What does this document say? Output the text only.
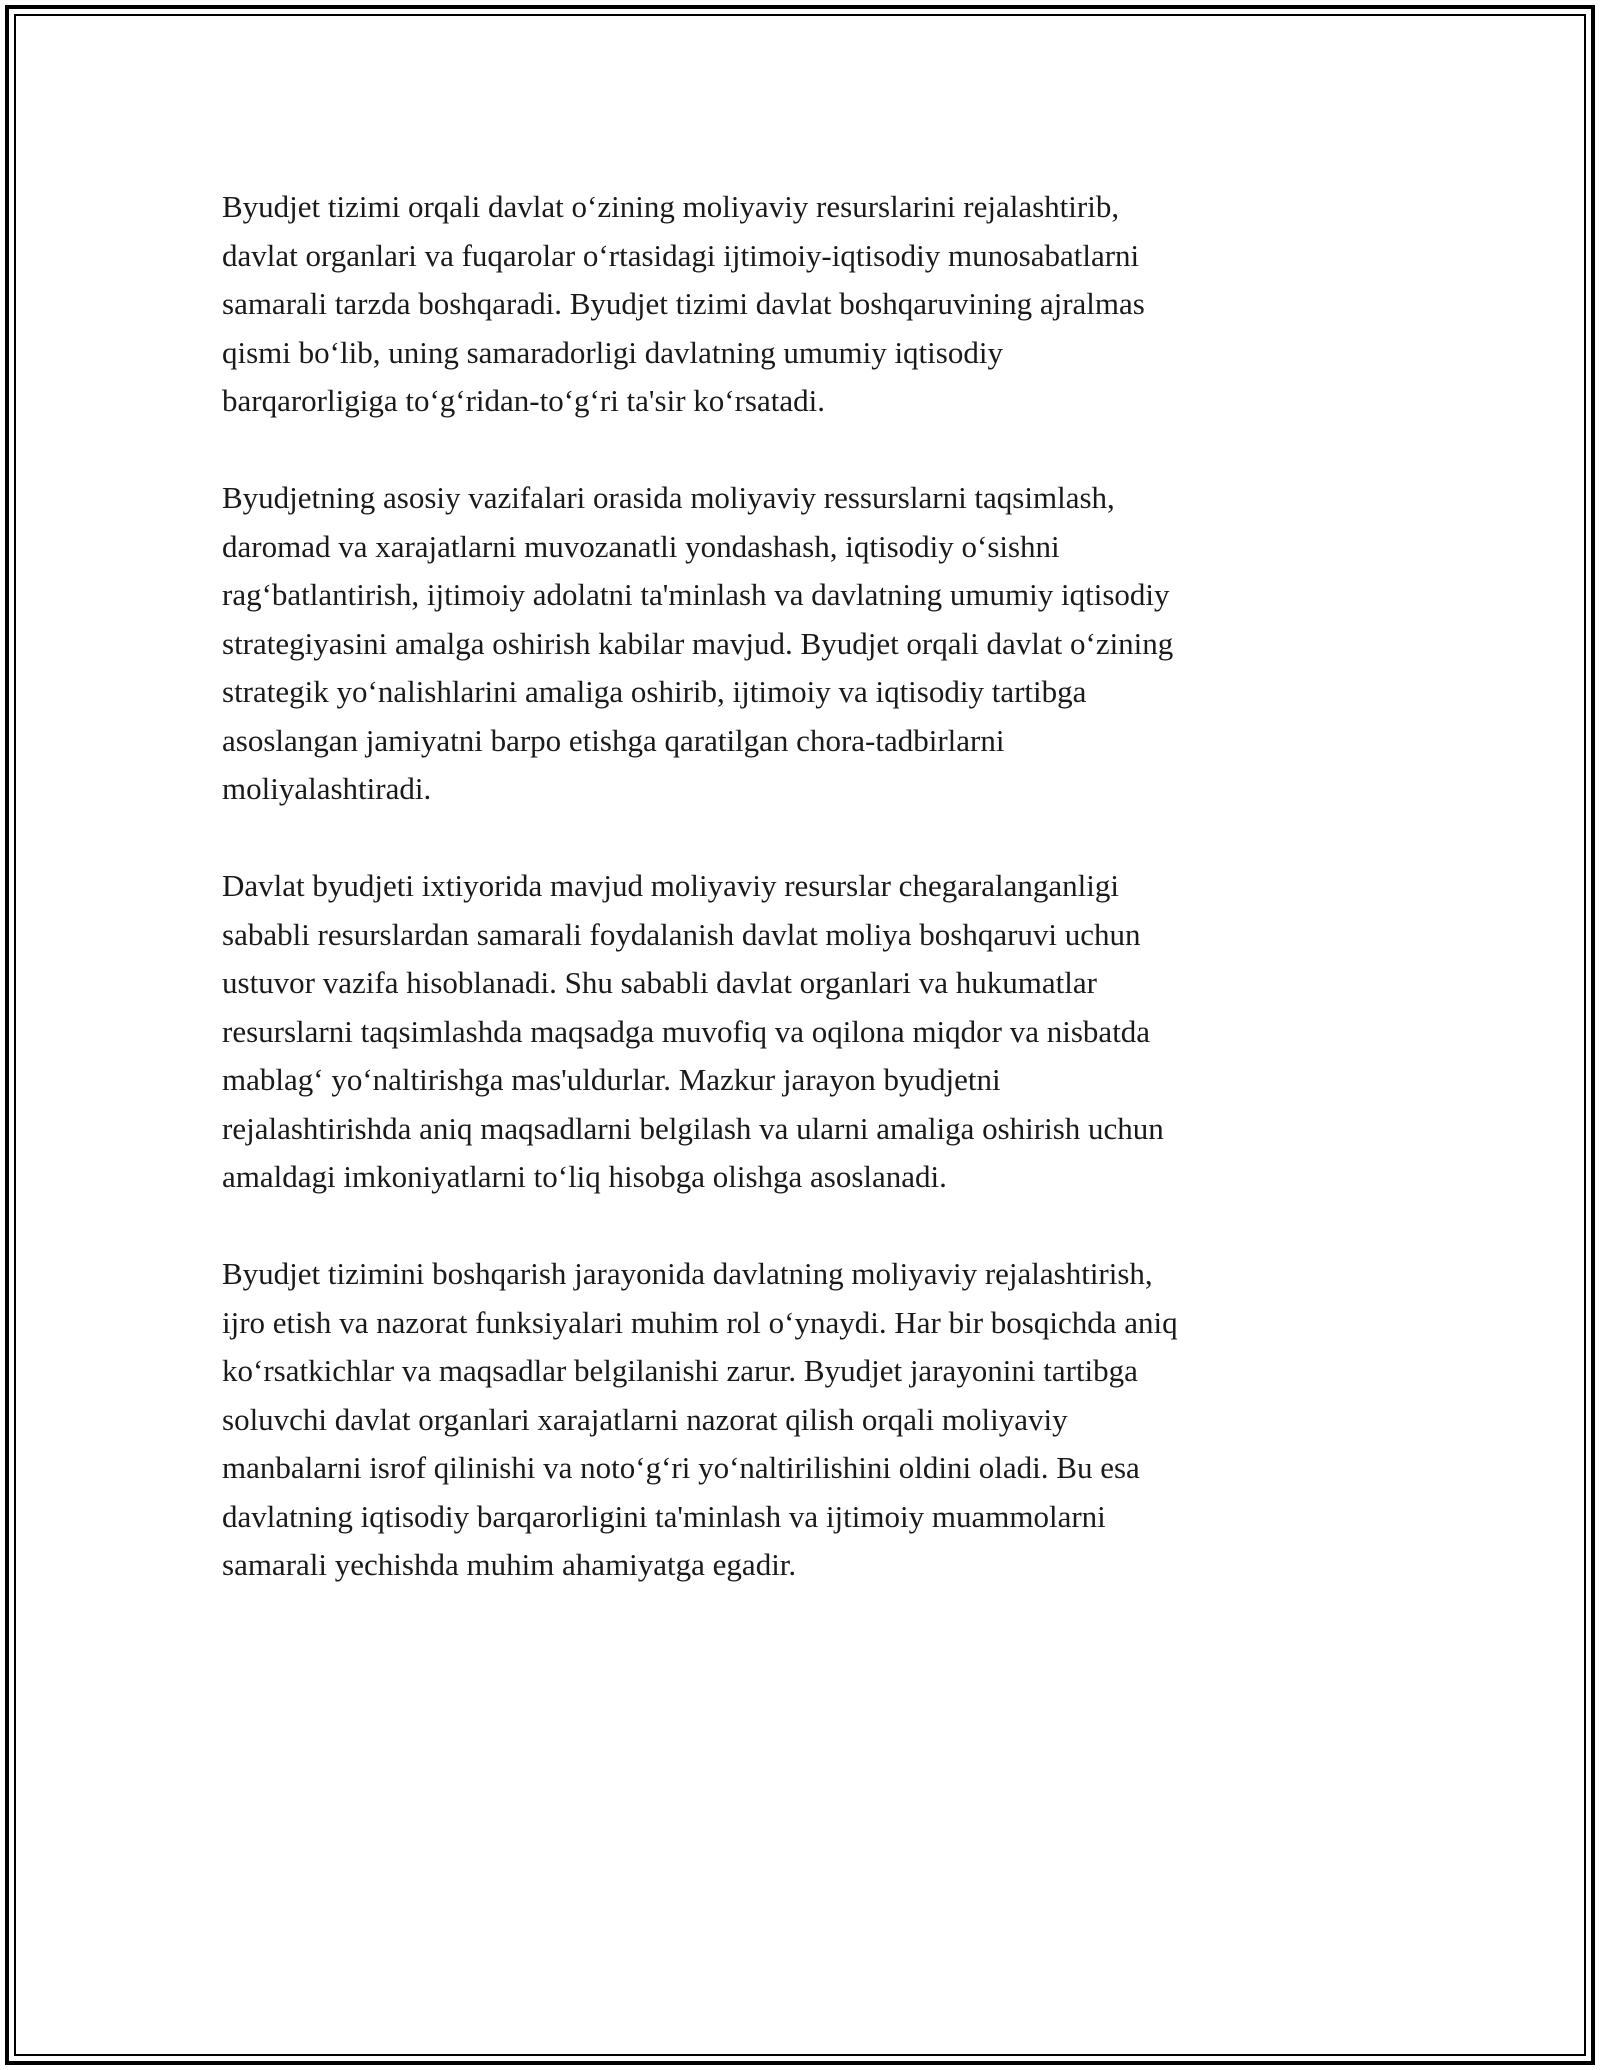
Byudjet tizimi orqali davlat o‘zining moliyaviy resurslarini rejalashtirib,
davlat organlari va fuqarolar o‘rtasidagi ijtimoiy-iqtisodiy munosabatlarni
samarali tarzda boshqaradi. Byudjet tizimi davlat boshqaruvining ajralmas
qismi bo‘lib, uning samaradorligi davlatning umumiy iqtisodiy
barqarorligiga to‘g‘ridan-to‘g‘ri ta'sir ko‘rsatadi.

Byudjetning asosiy vazifalari orasida moliyaviy ressurslarni taqsimlash,
daromad va xarajatlarni muvozanatli yondashash, iqtisodiy o‘sishni
rag‘batlantirish, ijtimoiy adolatni ta'minlash va davlatning umumiy iqtisodiy
strategiyasini amalga oshirish kabilar mavjud. Byudjet orqali davlat o‘zining
strategik yo‘nalishlarini amaliga oshirib, ijtimoiy va iqtisodiy tartibga
asoslangan jamiyatni barpo etishga qaratilgan chora-tadbirlarni
moliyalashtiradi.

Davlat byudjeti ixtiyorida mavjud moliyaviy resurslar chegaralanganligi
sababli resurslardan samarali foydalanish davlat moliya boshqaruvi uchun
ustuvor vazifa hisoblanadi. Shu sababli davlat organlari va hukumatlar
resurslarni taqsimlashda maqsadga muvofiq va oqilona miqdor va nisbatda
mablag‘ yo‘naltirishga mas'uldurlar. Mazkur jarayon byudjetni
rejalashtirishda aniq maqsadlarni belgilash va ularni amaliga oshirish uchun
amaldagi imkoniyatlarni to‘liq hisobga olishga asoslanadi.

Byudjet tizimini boshqarish jarayonida davlatning moliyaviy rejalashtirish,
ijro etish va nazorat funksiyalari muhim rol o‘ynaydi. Har bir bosqichda aniq
ko‘rsatkichlar va maqsadlar belgilanishi zarur. Byudjet jarayonini tartibga
soluvchi davlat organlari xarajatlarni nazorat qilish orqali moliyaviy
manbalarni isrof qilinishi va noto‘g‘ri yo‘naltirilishini oldini oladi. Bu esa
davlatning iqtisodiy barqarorligini ta'minlash va ijtimoiy muammolarni
samarali yechishda muhim ahamiyatga egadir.
